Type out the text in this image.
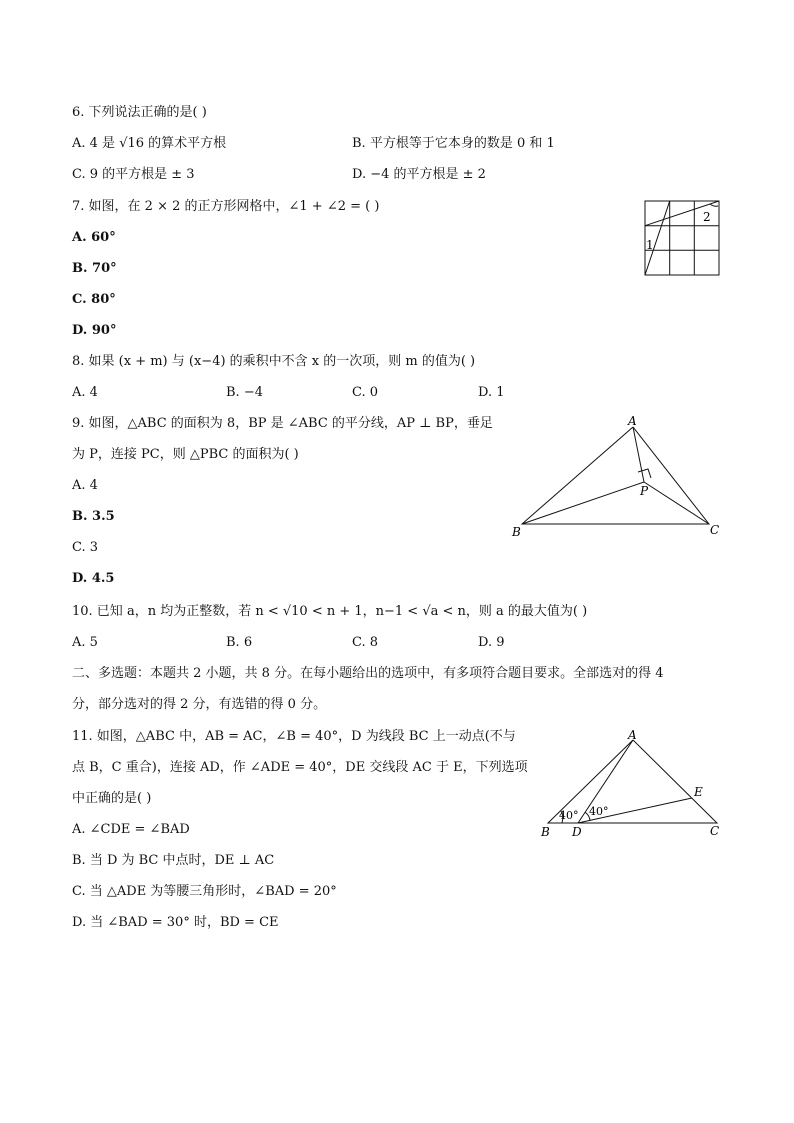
6. 下列说法正确的是( )
A. 4 是 √16 的算术平方根	B. 平方根等于它本身的数是 0 和 1
C. 9 的平方根是 ± 3	D. −4 的平方根是 ± 2
7. 如图，在 2 × 2 的正方形网格中，∠1 + ∠2 = ( )
A. 60°
B. 70°
C. 80°
D. 90°
1
2
8. 如果 (x + m) 与 (x−4) 的乘积中不含 x 的一次项，则 m 的值为( )
A. 4	B. −4	C. 0	D. 1
9. 如图，△ABC 的面积为 8，BP 是 ∠ABC 的平分线，AP ⊥ BP，垂足
为 P，连接 PC，则 △PBC 的面积为( )
A. 4
B. 3.5
C. 3
D. 4.5
A
B	C
P
10. 已知 a，n 均为正整数，若 n < √10 < n + 1，n−1 < √a < n，则 a 的最大值为( )
A. 5	B. 6	C. 8	D. 9
二、多选题：本题共 2 小题，共 8 分。在每小题给出的选项中，有多项符合题目要求。全部选对的得 4
分，部分选对的得 2 分，有选错的得 0 分。
11. 如图，△ABC 中，AB = AC，∠B = 40°，D 为线段 BC 上一动点(不与
点 B，C 重合)，连接 AD，作 ∠ADE = 40°，DE 交线段 AC 于 E，下列选项
中正确的是( )
A. ∠CDE = ∠BAD
B. 当 D 为 BC 中点时，DE ⊥ AC
C. 当 △ADE 为等腰三角形时，∠BAD = 20°
D. 当 ∠BAD = 30° 时，BD = CE
A
B	C
D
E
40° 40°
